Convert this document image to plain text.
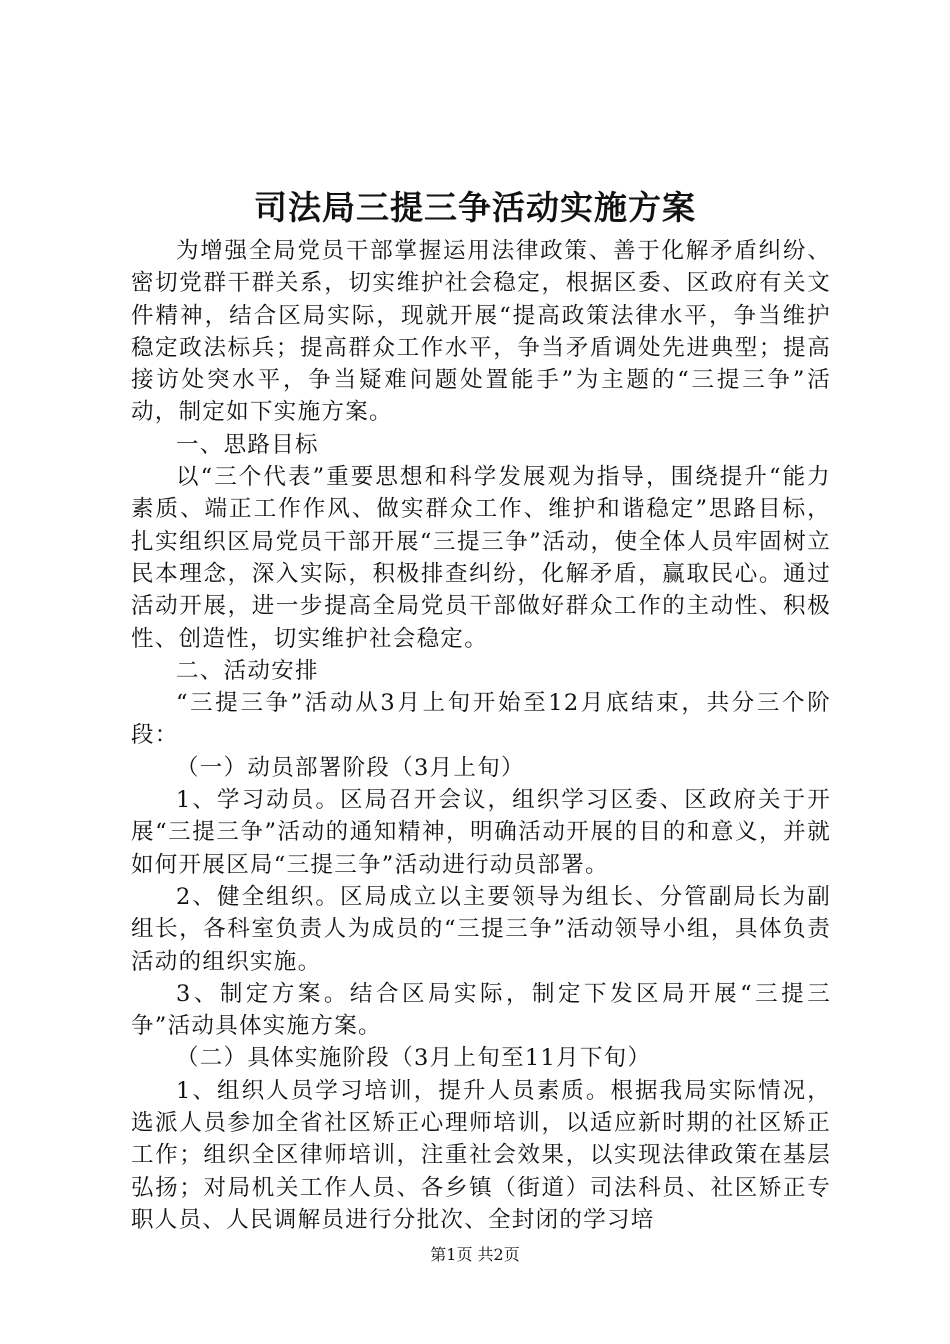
司法局三提三争活动实施方案

为增强全局党员干部掌握运用法律政策、善于化解矛盾纠纷、密切党群干群关系，切实维护社会稳定，根据区委、区政府有关文件精神，结合区局实际，现就开展“提高政策法律水平，争当维护稳定政法标兵；提高群众工作水平，争当矛盾调处先进典型；提高接访处突水平，争当疑难问题处置能手”为主题的“三提三争”活动，制定如下实施方案。

一、思路目标

以“三个代表”重要思想和科学发展观为指导，围绕提升“能力素质、端正工作作风、做实群众工作、维护和谐稳定”思路目标，扎实组织区局党员干部开展“三提三争”活动，使全体人员牢固树立民本理念，深入实际，积极排查纠纷，化解矛盾，赢取民心。通过活动开展，进一步提高全局党员干部做好群众工作的主动性、积极性、创造性，切实维护社会稳定。

二、活动安排

“三提三争”活动从3月上旬开始至12月底结束，共分三个阶段：

（一）动员部署阶段（3月上旬）

1、学习动员。区局召开会议，组织学习区委、区政府关于开展“三提三争”活动的通知精神，明确活动开展的目的和意义，并就如何开展区局“三提三争”活动进行动员部署。

2、健全组织。区局成立以主要领导为组长、分管副局长为副组长，各科室负责人为成员的“三提三争”活动领导小组，具体负责活动的组织实施。

3、制定方案。结合区局实际，制定下发区局开展“三提三争”活动具体实施方案。

（二）具体实施阶段（3月上旬至11月下旬）

1、组织人员学习培训，提升人员素质。根据我局实际情况，选派人员参加全省社区矫正心理师培训，以适应新时期的社区矫正工作；组织全区律师培训，注重社会效果，以实现法律政策在基层弘扬；对局机关工作人员、各乡镇（街道）司法科员、社区矫正专职人员、人民调解员进行分批次、全封闭的学习培

第1页 共2页
